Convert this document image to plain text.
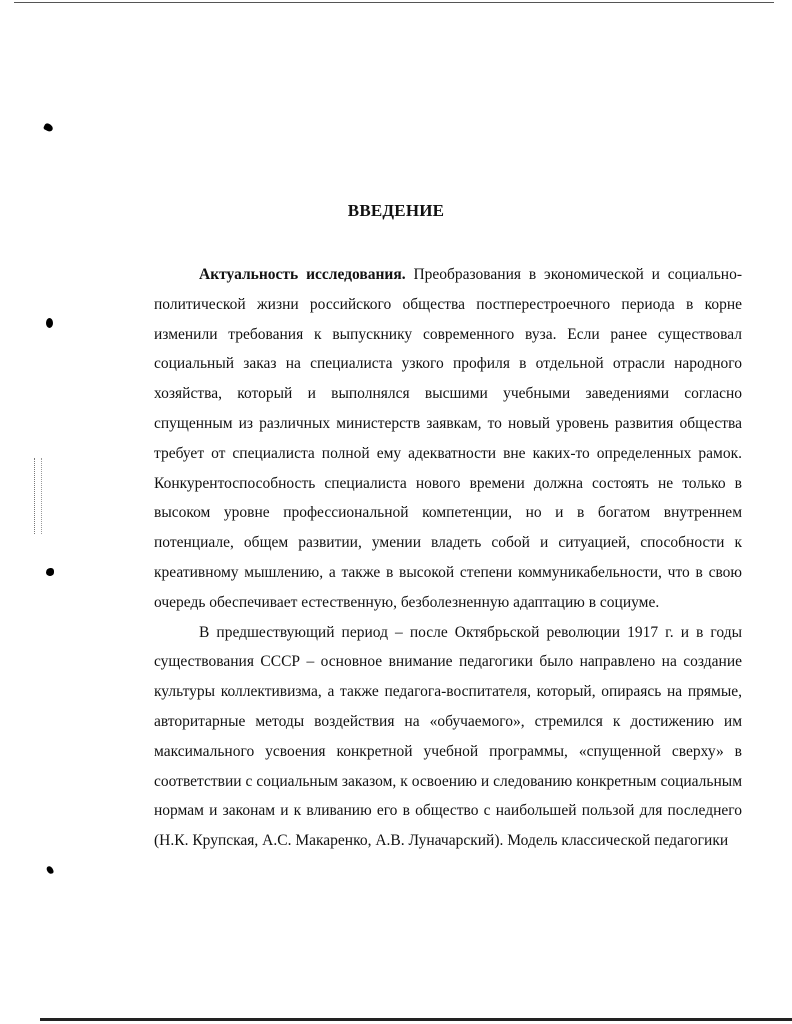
ВВЕДЕНИЕ

Актуальность исследования. Преобразования в экономической и социально-политической жизни российского общества постперестроечного периода в корне изменили требования к выпускнику современного вуза. Если ранее существовал социальный заказ на специалиста узкого профиля в отдельной отрасли народного хозяйства, который и выполнялся высшими учебными заведениями согласно спущенным из различных министерств заявкам, то новый уровень развития общества требует от специалиста полной ему адекватности вне каких-то определенных рамок. Конкурентоспособность специалиста нового времени должна состоять не только в высоком уровне профессиональной компетенции, но и в богатом внутреннем потенциале, общем развитии, умении владеть собой и ситуацией, способности к креативному мышлению, а также в высокой степени коммуникабельности, что в свою очередь обеспечивает естественную, безболезненную адаптацию в социуме.

В предшествующий период – после Октябрьской революции 1917 г. и в годы существования СССР – основное внимание педагогики было направлено на создание культуры коллективизма, а также педагога-воспитателя, который, опираясь на прямые, авторитарные методы воздействия на «обучаемого», стремился к достижению им максимального усвоения конкретной учебной программы, «спущенной сверху» в соответствии с социальным заказом, к освоению и следованию конкретным социальным нормам и законам и к вливанию его в общество с наибольшей пользой для последнего (Н.К. Крупская, А.С. Макаренко, А.В. Луначарский). Модель классической педагогики
